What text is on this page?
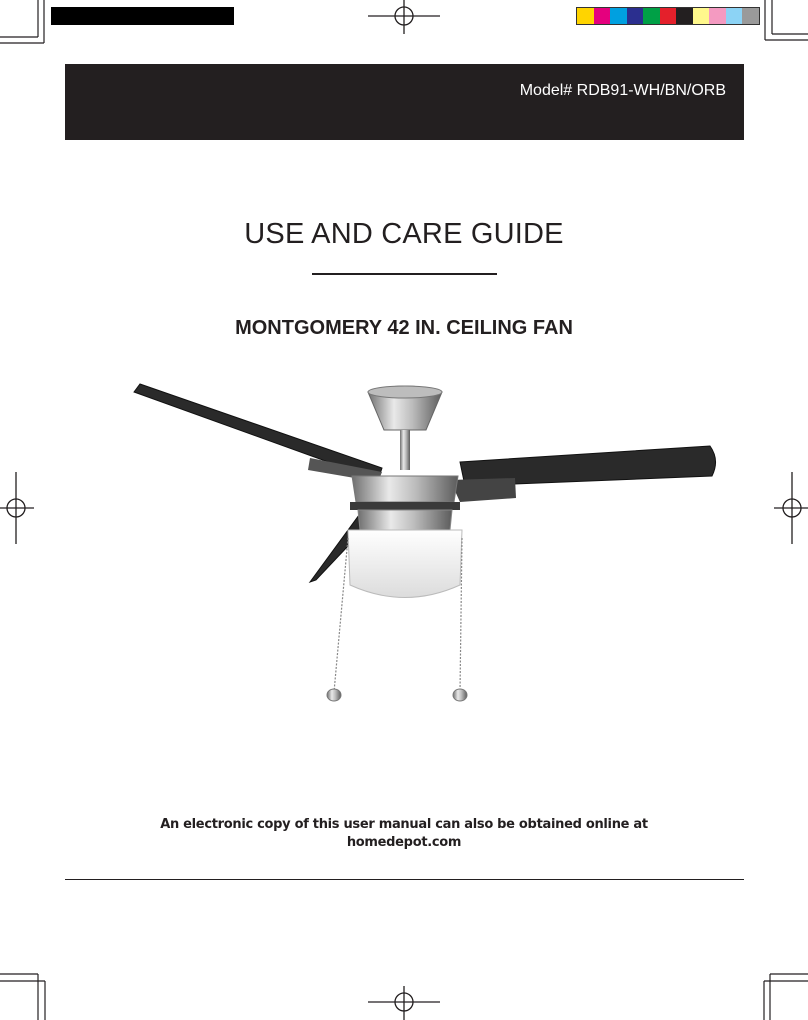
Model# RDB91-WH/BN/ORB
USE AND CARE GUIDE
MONTGOMERY 42 IN. CEILING FAN
An electronic copy of this user manual can also be obtained online at
homedepot.com
